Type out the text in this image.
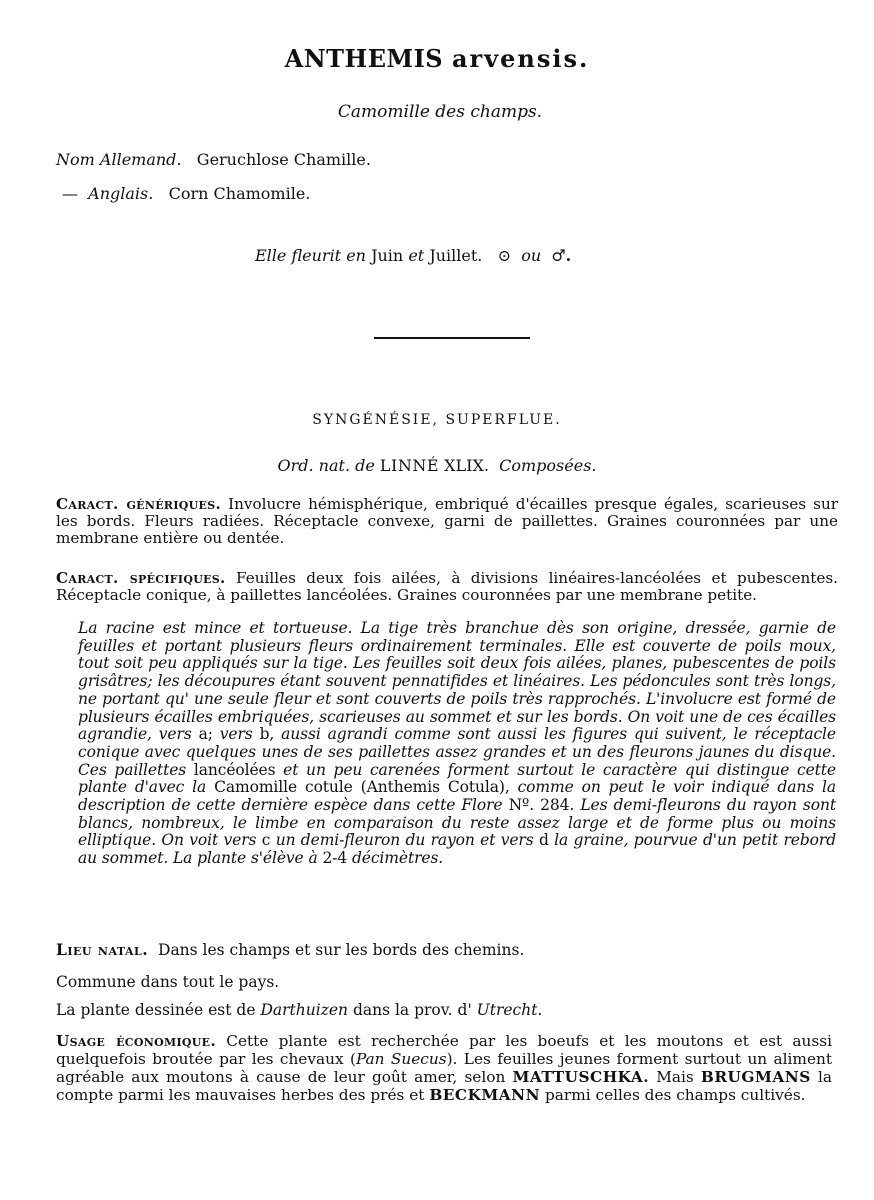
ANTHEMIS arvensis.
Camomille des champs.
Nom Allemand. Geruchlose Chamille.
— Anglais. Corn Chamomile.
Elle fleurit en Juin et Juillet. ⊙ ou ♂.
SYNGÉNÉSIE, SUPERFLUE.
Ord. nat. de LINNÉ XLIX. Composées.
Caract. génériques. Involucre hémisphérique, embriqué d'écailles presque égales, scarieuses sur les bords. Fleurs radiées. Réceptacle convexe, garni de paillettes. Graines couronnées par une membrane entière ou dentée.
Caract. spécifiques. Feuilles deux fois ailées, à divisions linéaires-lancéolées et pubescentes. Réceptacle conique, à paillettes lancéolées. Graines couronnées par une membrane petite.
La racine est mince et tortueuse. La tige très branchue dès son origine, dressée, garnie de feuilles et portant plusieurs fleurs ordinairement terminales. Elle est couverte de poils moux, tout soit peu appliqués sur la tige. Les feuilles soit deux fois ailées, planes, pubescentes de poils grisâtres; les découpures étant souvent pennatifides et linéaires. Les pédoncules sont très longs, ne portant qu' une seule fleur et sont couverts de poils très rapprochés. L'involucre est formé de plusieurs écailles embriquées, scarieuses au sommet et sur les bords. On voit une de ces écailles agrandie, vers a; vers b, aussi agrandi comme sont aussi les figures qui suivent, le réceptacle conique avec quelques unes de ses paillettes assez grandes et un des fleurons jaunes du disque. Ces paillettes lancéolées et un peu carenées forment surtout le caractère qui distingue cette plante d'avec la Camomille cotule (Anthemis Cotula), comme on peut le voir indiqué dans la description de cette dernière espèce dans cette Flore Nº. 284. Les demi-fleurons du rayon sont blancs, nombreux, le limbe en comparaison du reste assez large et de forme plus ou moins elliptique. On voit vers c un demi-fleuron du rayon et vers d la graine, pourvue d'un petit rebord au sommet. La plante s'élève à 2-4 décimètres.
Lieu natal. Dans les champs et sur les bords des chemins.
Commune dans tout le pays.
La plante dessinée est de Darthuizen dans la prov. d' Utrecht.
Usage économique. Cette plante est recherchée par les boeufs et les moutons et est aussi quelquefois broutée par les chevaux (Pan Suecus). Les feuilles jeunes forment surtout un aliment agréable aux moutons à cause de leur goût amer, selon MATTUSCHKA. Mais BRUGMANS la compte parmi les mauvaises herbes des prés et BECKMANN parmi celles des champs cultivés.
